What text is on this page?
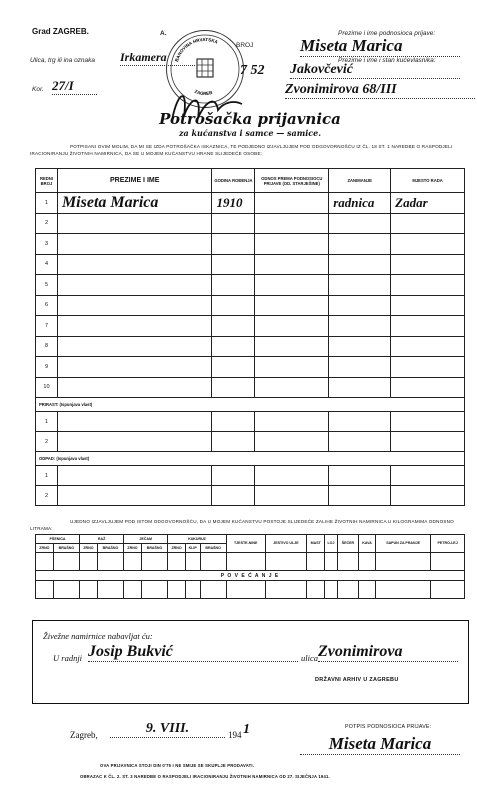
Grad ZAGREB.	A.
BROJ
Ulica, trg ili ina oznaka Irkamera
7 52
Kor. 27/I
Prezime i ime podnosioca prijave:
Miseta Marica
Prezime i ime i stan kućevlasnika:
Jakovčević
Zvonimirova 68/III
BANOVINA HRVATSKA
ZAGREB
Potrošačka prijavnica
za kućanstva i samce — samice.
POTPISANI OVIM MOLIM, DA MI SE IZDA POTROŠAČKA ISKAZNICA, TE PODJEDNO IZJAVLJUJEM POD ODGOVORNOŠĆU IZ ČL. 18 ST. 1 NAREDBE O RASPODJELI IRACIONIRANJU ŽIVOTNIH NAMIRNICA, DA SE U MOJEM KUĆANSTVU HRANE SLIJEDEĆE OSOBE:
REDNI BROJ	PREZIME I IME	GODINA ROĐENJA	ODNOS PREMA PODNOSIOCU PRIJAVE (OD. STARJEŠINE)	ZANIMANJE	MJESTO RADA
1	Miseta Marica	1910		radnica	Zadar
2					
3					
4					
5					
6					
7					
8					
9					
10					
PRIRAST: (Ispunjava vlast)					
1					
2					
ODPAD: (Ispunjava vlast)					
1					
2					
UJEDNO IZJAVLJUJEM POD ISTOM ODGOVORNOŠĆU, DA U MOJEM KUĆANSTVU POSTOJE SLIJEDEĆE ZALIHE ŽIVOTNIH NAMIRNICA U KILOGRAMIMA ODNOSNO LITRAMA:
PŠENICA		RAŽ		JEČAM		KUKURUZ			TJESTE-NINE	JESTIVO ULJE	MAST	LOJ	ŠEĆER	KAVA	SAPUN ZA PRANJE	PETRO-LEJ
ZRNO	BRAŠNO	ZRNO	BRAŠNO	ZRNO	BRAŠNO	ZRNO	KLIP	BRAŠNO								

P O V E Ć A N J E																

Živežne namirnice nabavljat ću:
U radnji Josip Bukvić	ulica Zvonimirova
DRŽAVNI ARHIV U ZAGREBU
Zagreb,	9. VIII.	194 1	POTPIS PODNOSIOCA PRIJAVE:
Miseta Marica
OVA PRIJAVNICA STOJI DIN 0'75 I NE SMIJE SE SKUPLJE PRODAVATI.
OBRAZAC K ČL. 2. ST. 3 NAREDBE O RASPODJELI IRACIONIRANJU ŽIVOTNIH NAMIRNICA OD 27. SIJEČNJA 1941.
